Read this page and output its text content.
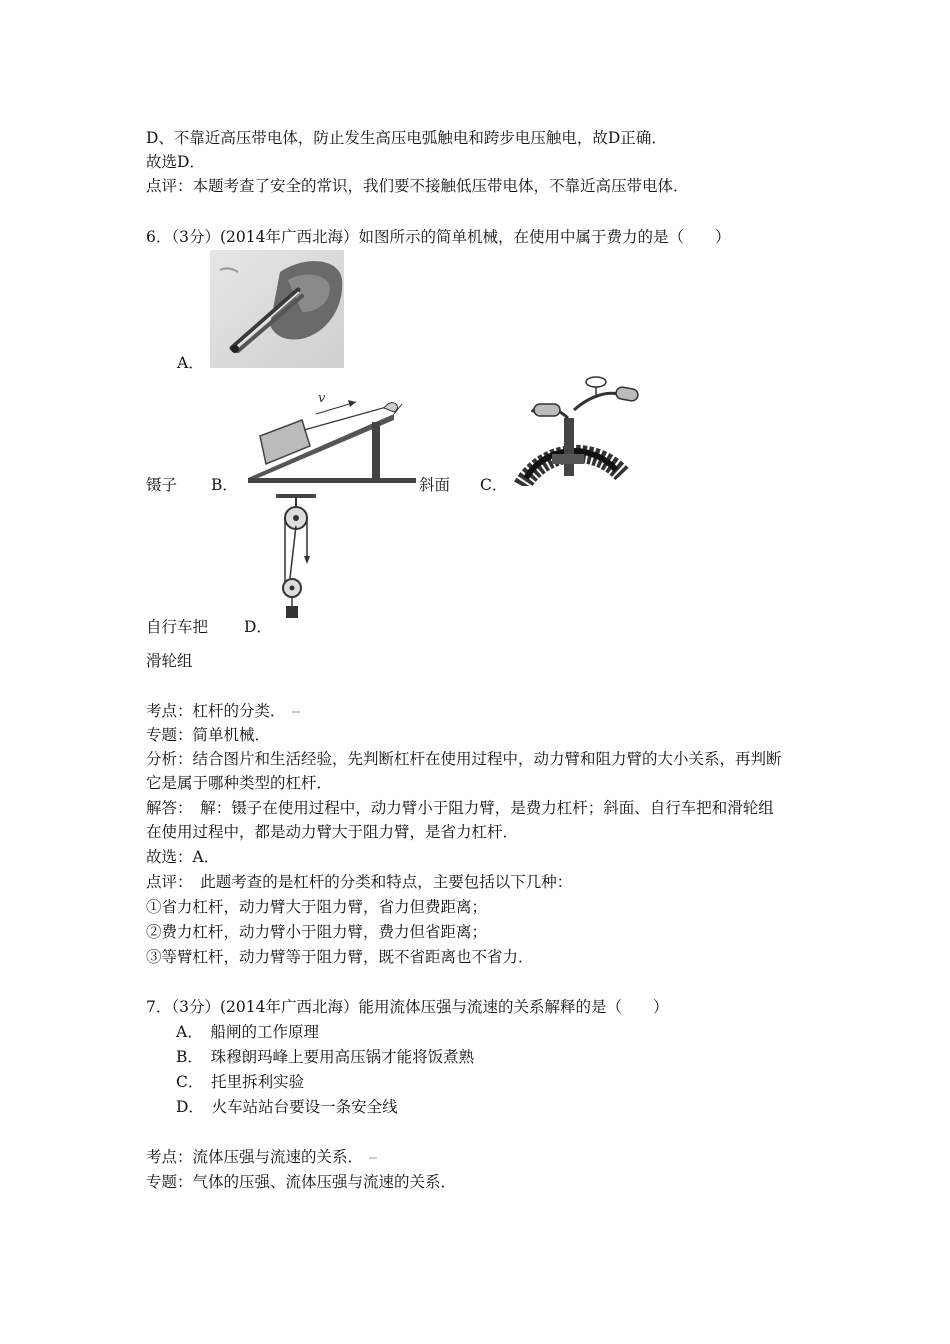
D、不靠近高压带电体，防止发生高压电弧触电和跨步电压触电，故D正确．
故选D．
点评：本题考查了安全的常识，我们要不接触低压带电体，不靠近高压带电体．
6．（3分）(2014年广西北海）如图所示的简单机械，在使用中属于费力的是（　　）
A．
镊子 B．
v
斜面 C．
自行车把 D．
滑轮组
考点：杠杆的分类．
专题：简单机械．
分析：结合图片和生活经验，先判断杠杆在使用过程中，动力臂和阻力臂的大小关系，再判断
它是属于哪种类型的杠杆．
解答：　解：镊子在使用过程中，动力臂小于阻力臂，是费力杠杆；斜面、自行车把和滑轮组
在使用过程中，都是动力臂大于阻力臂，是省力杠杆．
故选：A．
点评：　此题考查的是杠杆的分类和特点，主要包括以下几种：
①省力杠杆，动力臂大于阻力臂，省力但费距离；
②费力杠杆，动力臂小于阻力臂，费力但省距离；
③等臂杠杆，动力臂等于阻力臂，既不省距离也不省力．
7．（3分）(2014年广西北海）能用流体压强与流速的关系解释的是（　　）
A．　船闸的工作原理
B．　珠穆朗玛峰上要用高压锅才能将饭煮熟
C．　托里拆利实验
D．　火车站站台要设一条安全线
考点：流体压强与流速的关系．
专题：气体的压强、流体压强与流速的关系．
